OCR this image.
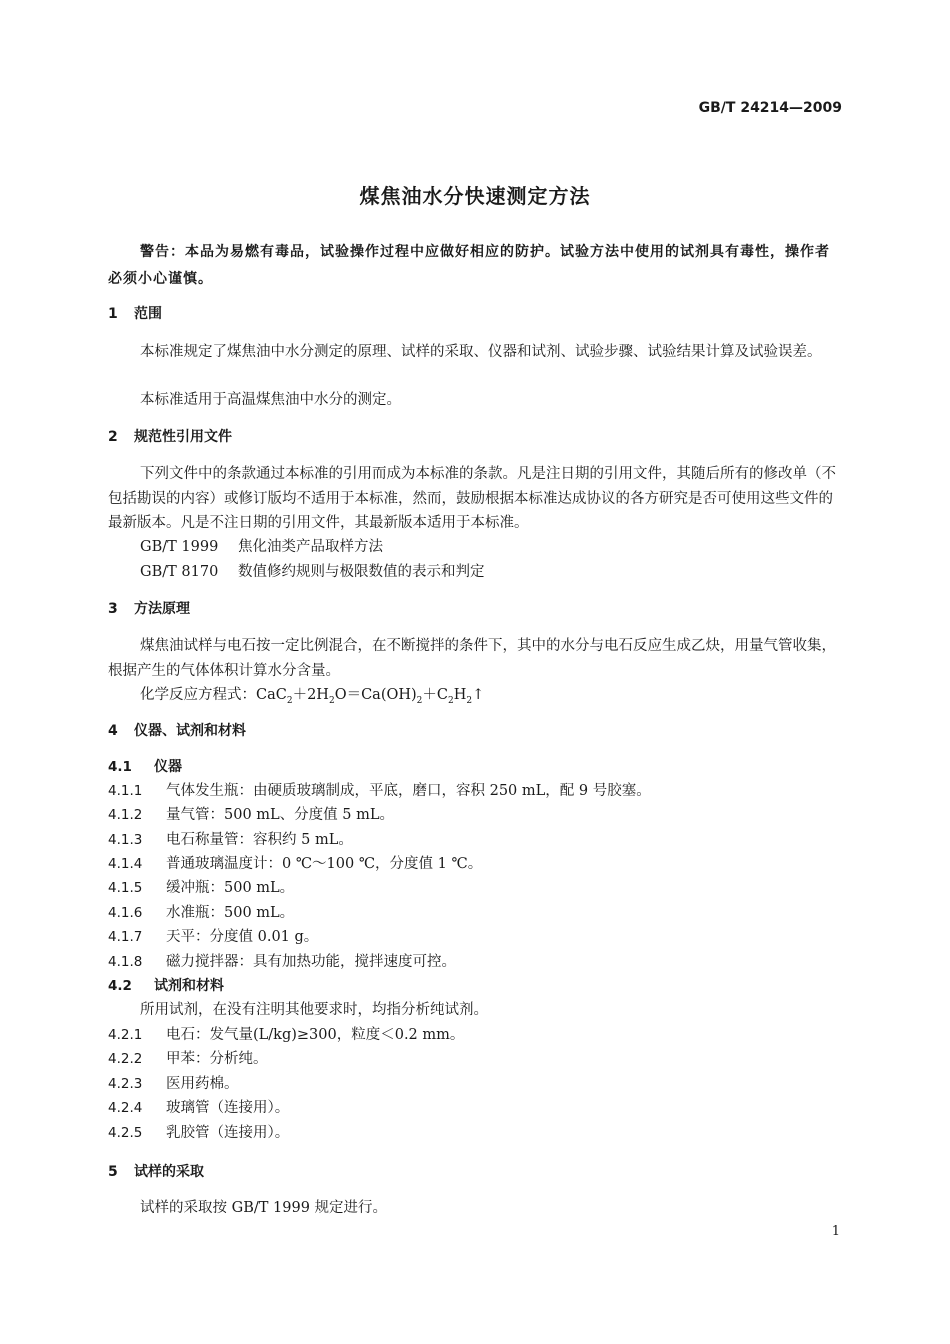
GB/T 24214—2009
煤焦油水分快速测定方法
警告：本品为易燃有毒品，试验操作过程中应做好相应的防护。试验方法中使用的试剂具有毒性，操作者必须小心谨慎。
1 范围
本标准规定了煤焦油中水分测定的原理、试样的采取、仪器和试剂、试验步骤、试验结果计算及试验误差。
本标准适用于高温煤焦油中水分的测定。
2 规范性引用文件
下列文件中的条款通过本标准的引用而成为本标准的条款。凡是注日期的引用文件，其随后所有的修改单（不包括勘误的内容）或修订版均不适用于本标准，然而，鼓励根据本标准达成协议的各方研究是否可使用这些文件的最新版本。凡是不注日期的引用文件，其最新版本适用于本标准。
GB/T 1999 焦化油类产品取样方法
GB/T 8170 数值修约规则与极限数值的表示和判定
3 方法原理
煤焦油试样与电石按一定比例混合，在不断搅拌的条件下，其中的水分与电石反应生成乙炔，用量气管收集，根据产生的气体体积计算水分含量。
化学反应方程式：$CaC_2+2H_2O=Ca(OH)_2+C_2H_2↑$
4 仪器、试剂和材料
4.1 仪器
4.1.1 气体发生瓶：由硬质玻璃制成，平底，磨口，容积 250 mL，配 9 号胶塞。
4.1.2 量气管：500 mL、分度值 5 mL。
4.1.3 电石称量管：容积约 5 mL。
4.1.4 普通玻璃温度计：0 ℃～100 ℃，分度值 1 ℃。
4.1.5 缓冲瓶：500 mL。
4.1.6 水准瓶：500 mL。
4.1.7 天平：分度值 0.01 g。
4.1.8 磁力搅拌器：具有加热功能，搅拌速度可控。
4.2 试剂和材料
所用试剂，在没有注明其他要求时，均指分析纯试剂。
4.2.1 电石：发气量(L/kg)≥300，粒度＜0.2 mm。
4.2.2 甲苯：分析纯。
4.2.3 医用药棉。
4.2.4 玻璃管（连接用）。
4.2.5 乳胶管（连接用）。
5 试样的采取
试样的采取按 GB/T 1999 规定进行。
1
